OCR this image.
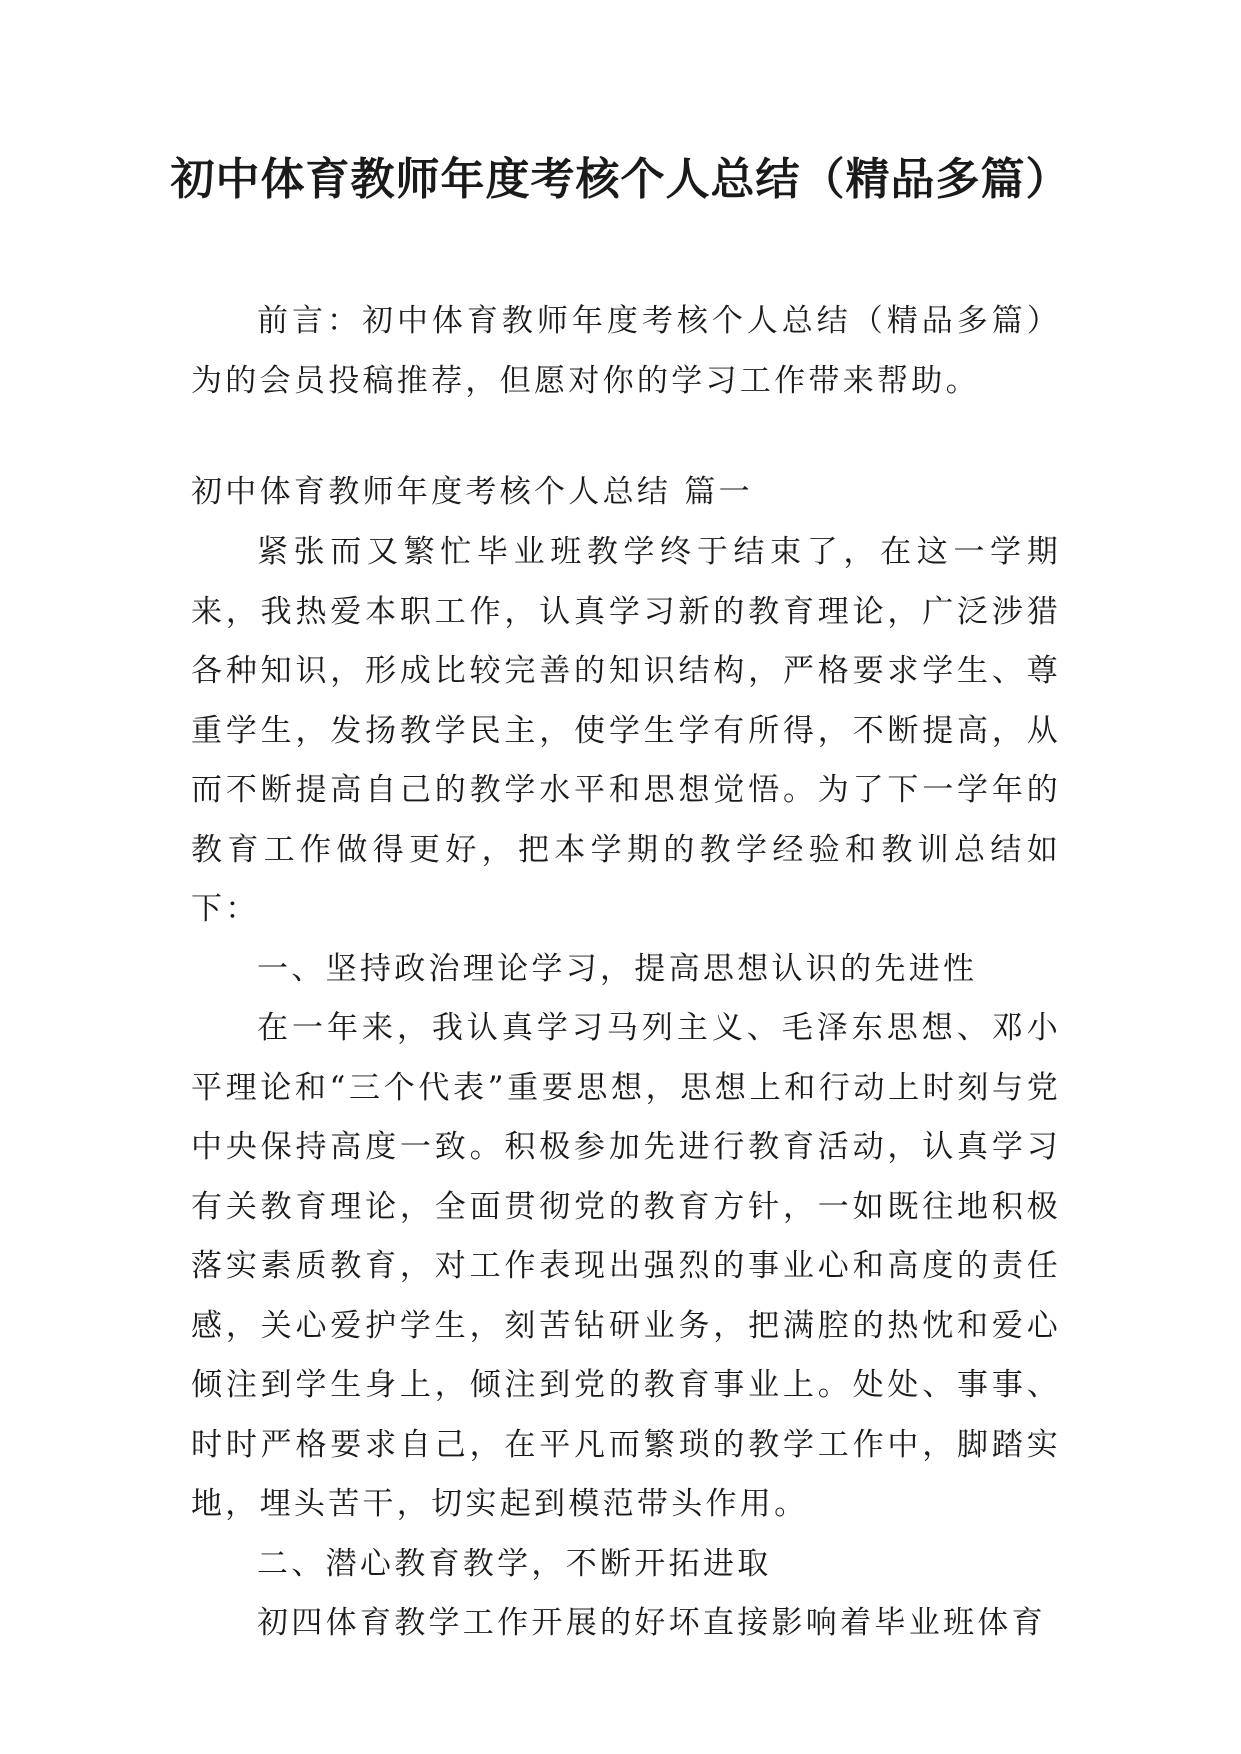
初中体育教师年度考核个人总结（精品多篇）

前言：初中体育教师年度考核个人总结（精品多篇）为的会员投稿推荐，但愿对你的学习工作带来帮助。

初中体育教师年度考核个人总结 篇一

紧张而又繁忙毕业班教学终于结束了，在这一学期来，我热爱本职工作，认真学习新的教育理论，广泛涉猎各种知识，形成比较完善的知识结构，严格要求学生、尊重学生，发扬教学民主，使学生学有所得，不断提高，从而不断提高自己的教学水平和思想觉悟。为了下一学年的教育工作做得更好，把本学期的教学经验和教训总结如下：

一、坚持政治理论学习，提高思想认识的先进性

在一年来，我认真学习马列主义、毛泽东思想、邓小平理论和“三个代表”重要思想，思想上和行动上时刻与党中央保持高度一致。积极参加先进行教育活动，认真学习有关教育理论，全面贯彻党的教育方针，一如既往地积极落实素质教育，对工作表现出强烈的事业心和高度的责任感，关心爱护学生，刻苦钻研业务，把满腔的热忱和爱心倾注到学生身上，倾注到党的教育事业上。处处、事事、时时严格要求自己，在平凡而繁琐的教学工作中，脚踏实地，埋头苦干，切实起到模范带头作用。

二、潜心教育教学，不断开拓进取

初四体育教学工作开展的好坏直接影响着毕业班体育
